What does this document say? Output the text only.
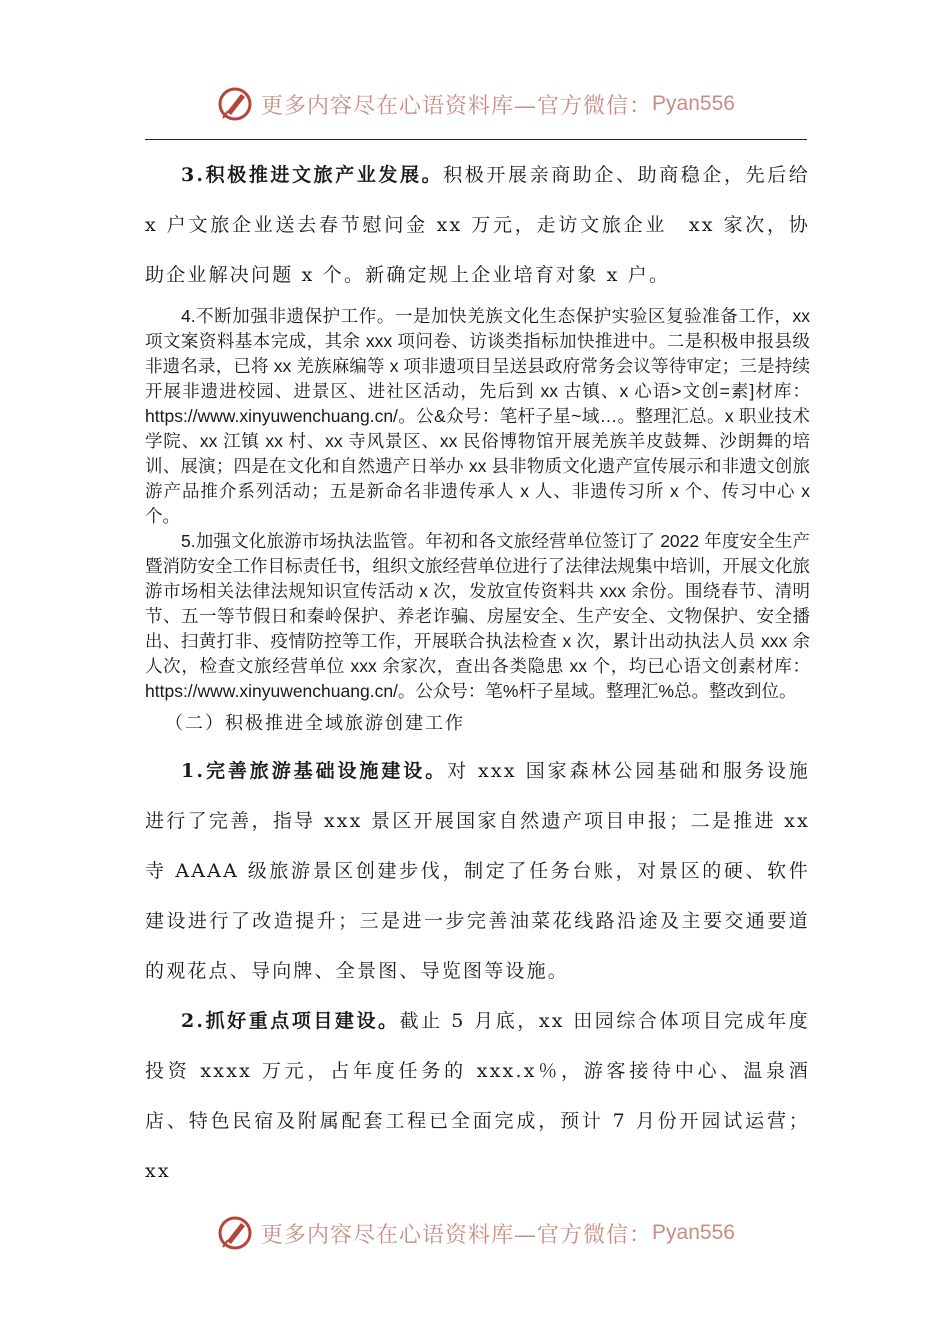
更多内容尽在心语资料库—官方微信： Pyan556

3.积极推进文旅产业发展。积极开展亲商助企、助商稳企，先后给 x 户文旅企业送去春节慰问金 xx 万元，走访文旅企业　xx 家次，协助企业解决问题 x 个。新确定规上企业培育对象 x 户。

4.不断加强非遗保护工作。一是加快羌族文化生态保护实验区复验准备工作，xx 项文案资料基本完成，其余 xxx 项问卷、访谈类指标加快推进中。二是积极申报县级非遗名录，已将 xx 羌族麻编等 x 项非遗项目呈送县政府常务会议等待审定；三是持续开展非遗进校园、进景区、进社区活动，先后到 xx 古镇、x 心语>文创=素]材库：https://www.xinyuwenchuang.cn/。公&众号：笔杆子星~域…。整理汇总。x 职业技术学院、xx 江镇 xx 村、xx 寺风景区、xx 民俗博物馆开展羌族羊皮鼓舞、沙朗舞的培训、展演；四是在文化和自然遗产日举办 xx 县非物质文化遗产宣传展示和非遗文创旅游产品推介系列活动；五是新命名非遗传承人 x 人、非遗传习所 x 个、传习中心 x 个。

5.加强文化旅游市场执法监管。年初和各文旅经营单位签订了 2022 年度安全生产暨消防安全工作目标责任书，组织文旅经营单位进行了法律法规集中培训，开展文化旅游市场相关法律法规知识宣传活动 x 次，发放宣传资料共 xxx 余份。围绕春节、清明节、五一等节假日和秦岭保护、养老诈骗、房屋安全、生产安全、文物保护、安全播出、扫黄打非、疫情防控等工作，开展联合执法检查 x 次，累计出动执法人员 xxx 余人次，检查文旅经营单位 xxx 余家次，查出各类隐患 xx 个，均已心语文创素材库：https://www.xinyuwenchuang.cn/。公众号：笔%杆子星域。整理汇%总。整改到位。

（二）积极推进全域旅游创建工作

1.完善旅游基础设施建设。对 xxx 国家森林公园基础和服务设施进行了完善，指导 xxx 景区开展国家自然遗产项目申报；二是推进 xx 寺 AAAA 级旅游景区创建步伐，制定了任务台账，对景区的硬、软件建设进行了改造提升；三是进一步完善油菜花线路沿途及主要交通要道的观花点、导向牌、全景图、导览图等设施。

2.抓好重点项目建设。截止 5 月底，xx 田园综合体项目完成年度投资 xxxx 万元，占年度任务的 xxx.x％，游客接待中心、温泉酒店、特色民宿及附属配套工程已全面完成，预计 7 月份开园试运营；xx

更多内容尽在心语资料库—官方微信： Pyan556
